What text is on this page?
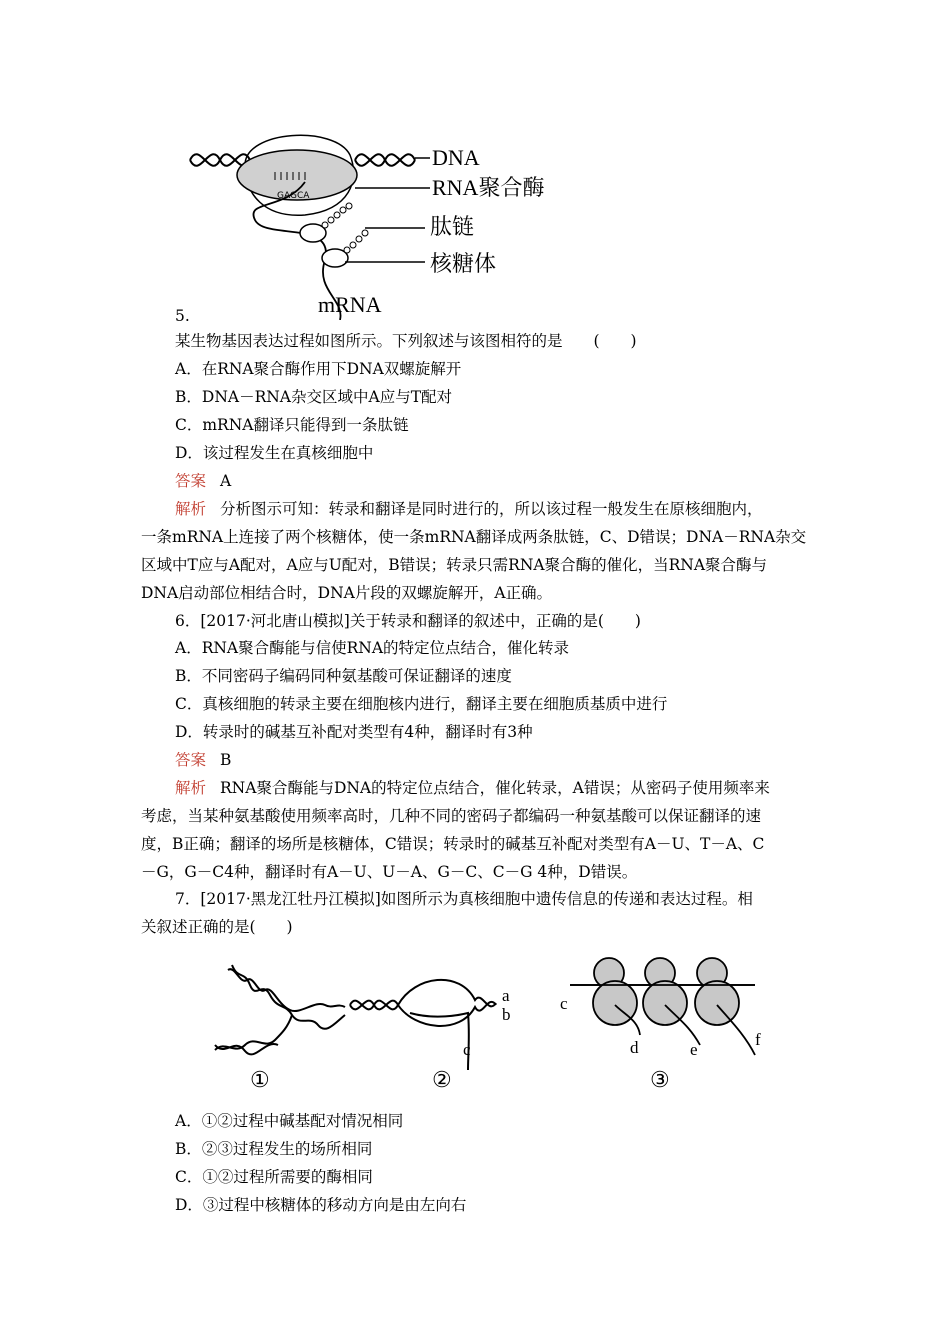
GAGCA
DNA
RNA聚合酶
肽链
核糖体
mRNA
5.
某生物基因表达过程如图所示。下列叙述与该图相符的是　　(　　)
A．在RNA聚合酶作用下DNA双螺旋解开
B．DNA－RNA杂交区域中A应与T配对
C．mRNA翻译只能得到一条肽链
D．该过程发生在真核细胞中
答案 A
解析 分析图示可知：转录和翻译是同时进行的，所以该过程一般发生在原核细胞内，
一条mRNA上连接了两个核糖体，使一条mRNA翻译成两条肽链，C、D错误；DNA－RNA杂交
区域中T应与A配对，A应与U配对，B错误；转录只需RNA聚合酶的催化，当RNA聚合酶与
DNA启动部位相结合时，DNA片段的双螺旋解开，A正确。
6．[2017·河北唐山模拟]关于转录和翻译的叙述中，正确的是(　　)
A．RNA聚合酶能与信使RNA的特定位点结合，催化转录
B．不同密码子编码同种氨基酸可保证翻译的速度
C．真核细胞的转录主要在细胞核内进行，翻译主要在细胞质基质中进行
D．转录时的碱基互补配对类型有4种，翻译时有3种
答案 B
解析 RNA聚合酶能与DNA的特定位点结合，催化转录，A错误；从密码子使用频率来
考虑，当某种氨基酸使用频率高时，几种不同的密码子都编码一种氨基酸可以保证翻译的速
度，B正确；翻译的场所是核糖体，C错误；转录时的碱基互补配对类型有A－U、T－A、C
－G，G－C4种，翻译时有A－U、U－A、G－C、C－G 4种，D错误。
7．[2017·黑龙江牡丹江模拟]如图所示为真核细胞中遗传信息的传递和表达过程。相
关叙述正确的是(　　)
a
b
c
c
d	e
f
①	②	③
A．①②过程中碱基配对情况相同
B．②③过程发生的场所相同
C．①②过程所需要的酶相同
D．③过程中核糖体的移动方向是由左向右
